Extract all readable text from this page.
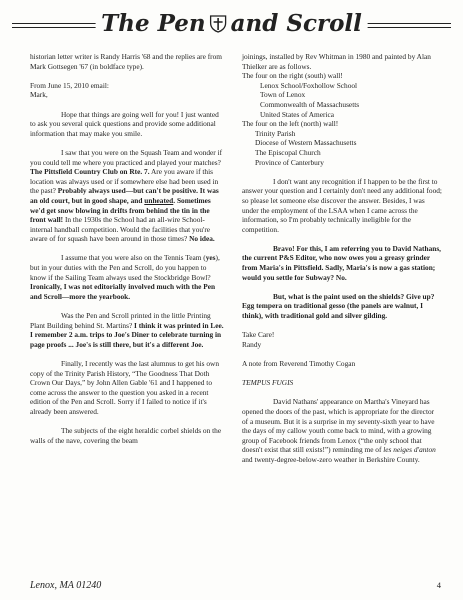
The Pen and Scroll

historian letter writer is Randy Harris '68 and the replies are from Mark Gottsegen '67 (in boldface type).

From June 15, 2010 email:

Mark,

Hope that things are going well for you! I just wanted to ask you several quick questions and provide some additional information that may make you smile.

I saw that you were on the Squash Team and wonder if you could tell me where you practiced and played your matches? The Pittsfield Country Club on Rte. 7. Are you aware if this location was always used or if somewhere else had been used in the past? Probably always used—but can't be positive. It was an old court, but in good shape, and unheated. Sometimes we'd get snow blowing in drifts from behind the tin in the front wall! In the 1930s the School had an all-wire School-internal handball competition. Would the facilities that you're aware of for squash have been around in those times? No idea.

I assume that you were also on the Tennis Team (yes), but in your duties with the Pen and Scroll, do you happen to know if the Sailing Team always used the Stockbridge Bowl? Ironically, I was not editorially involved much with the Pen and Scroll—more the yearbook.

Was the Pen and Scroll printed in the little Printing Plant Building behind St. Martins? I think it was printed in Lee. I remember 2 a.m. trips to Joe's Diner to celebrate turning in page proofs ... Joe's is still there, but it's a different Joe.

Finally, I recently was the last alumnus to get his own copy of the Trinity Parish History, “The Goodness That Doth Crown Our Days,” by John Allen Gable '61 and I happened to come across the answer to the question you asked in a recent edition of the Pen and Scroll. Sorry if I failed to notice if it's already been answered.

The subjects of the eight heraldic corbel shields on the walls of the nave, covering the beam

joinings, installed by Rev Whitman in 1980 and painted by Alan Thielker are as follows.

The four on the right (south) wall!

Lenox School/Foxhollow School

Town of Lenox

Commonwealth of Massachusetts

United States of America

The four on the left (north) wall!

Trinity Parish

Diocese of Western Massachusetts

The Episcopal Church

Province of Canterbury

I don't want any recognition if I happen to be the first to answer your question and I certainly don't need any additional food; so please let someone else discover the answer. Besides, I was under the employment of the LSAA when I came across the information, so I'm probably technically ineligible for the competition.

Bravo! For this, I am referring you to David Nathans, the current P&S Editor, who now owes you a greasy grinder from Maria's in Pittsfield. Sadly, Maria's is now a gas station; would you settle for Subway? No.

But, what is the paint used on the shields? Give up? Egg tempera on traditional gesso (the panels are walnut, I think), with traditional gold and silver gilding.

Take Care!

Randy

A note from Reverend Timothy Cogan

TEMPUS FUGIS

David Nathans' appearance on Martha's Vineyard has opened the doors of the past, which is appropriate for the director of a museum. But it is a surprise in my seventy-sixth year to have the days of my callow youth come back to mind, with a growing group of Facebook friends from Lenox (“the only school that doesn't exist that still exists!”) reminding me of les neiges d'anton and twenty-degree-below-zero weather in Berkshire County.

Lenox, MA 01240	4
